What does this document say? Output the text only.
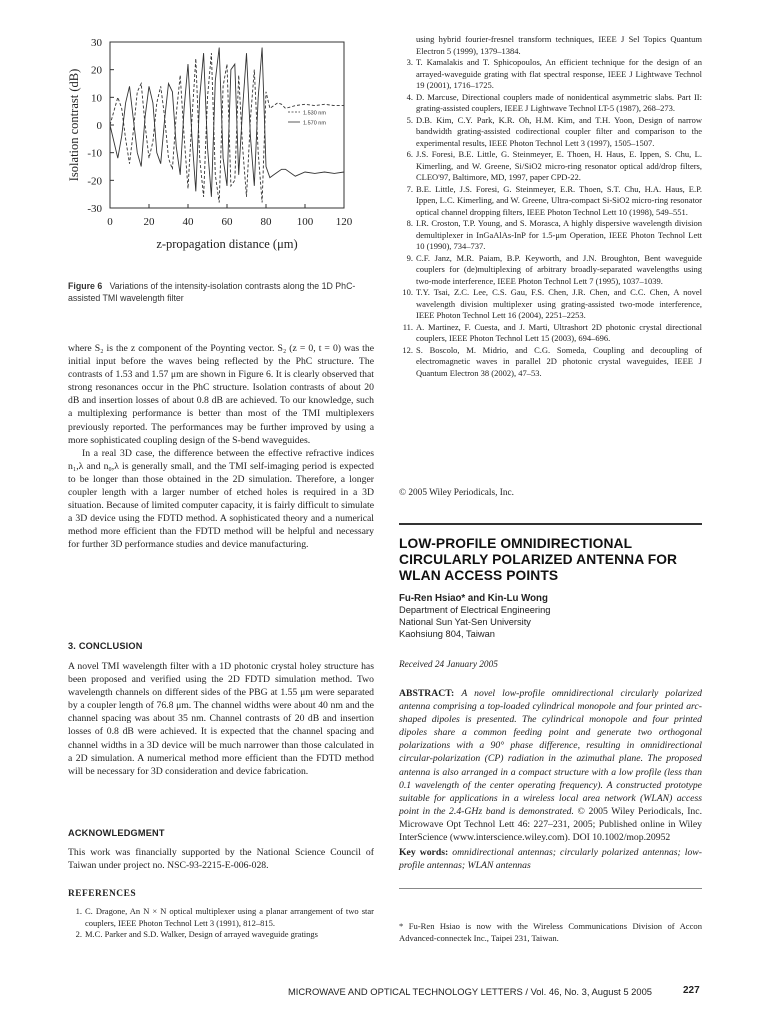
30
20
10
0
-10
-20
-30
0	20	40	60	80 100 120
1.530 nm
1.570 nm
z-propagation distance (μm)
Isolation contrast (dB)

Figure 6 Variations of the intensity-isolation contrasts along the 1D PhC-assisted TMI wavelength filter

where S₂ is the z component of the Poynting vector. S₂ (z = 0, t = 0) was the initial input before the waves being reflected by the PhC structure. The contrasts of 1.53 and 1.57 μm are shown in Figure 6. It is clearly observed that strong resonances occur in the PhC structure. Isolation contrasts of about 20 dB and insertion losses of about 0.8 dB are achieved. To our knowledge, such a multiplexing performance is better than most of the TMI multiplexers previously reported. The performances may be further improved by using a more sophisticated coupling design of the S-bend waveguides.

In a real 3D case, the difference between the effective refractive indices n₁,λ and n₀,λ is generally small, and the TMI self-imaging period is expected to be longer than those obtained in the 2D simulation. Therefore, a longer coupler length with a larger number of etched holes is required in a 3D situation. Because of limited computer capacity, it is fairly difficult to simulate a 3D device using the FDTD method. A sophisticated theory and a numerical method more efficient than the FDTD method will be helpful and necessary for further 3D performance studies and device manufacturing.

3. CONCLUSION

A novel TMI wavelength filter with a 1D photonic crystal holey structure has been proposed and verified using the 2D FDTD simulation method. Two wavelength channels on different sides of the PBG at 1.55 μm were separated by a coupler length of 76.8 μm. The channel widths were about 40 nm and the channel spacing was about 35 nm. Channel contrasts of 20 dB and insertion losses of 0.8 dB were achieved. It is expected that the channel spacing and channel widths in a 3D device will be much narrower than those calculated in a 2D simulation. A numerical method more efficient than the FDTD method will be necessary for 3D consideration and device fabrication.

ACKNOWLEDGMENT

This work was financially supported by the National Science Council of Taiwan under project no. NSC-93-2215-E-006-028.

REFERENCES
1. C. Dragone, An N × N optical multiplexer using a planar arrangement of two star couplers, IEEE Photon Technol Lett 3 (1991), 812–815.
2. M.C. Parker and S.D. Walker, Design of arrayed waveguide gratings
using hybrid fourier-fresnel transform techniques, IEEE J Sel Topics Quantum Electron 5 (1999), 1379–1384.
3. T. Kamalakis and T. Sphicopoulos, An efficient technique for the design of an arrayed-waveguide grating with flat spectral response, IEEE J Lightwave Technol 19 (2001), 1716–1725.
4. D. Marcuse, Directional couplers made of nonidentical asymmetric slabs. Part II: grating-assisted couplers, IEEE J Lightwave Technol LT-5 (1987), 268–273.
5. D.B. Kim, C.Y. Park, K.R. Oh, H.M. Kim, and T.H. Yoon, Design of narrow bandwidth grating-assisted codirectional coupler filter and comparison to the experimental results, IEEE Photon Technol Lett 3 (1997), 1505–1507.
6. J.S. Foresi, B.E. Little, G. Steinmeyer, E. Thoen, H. Haus, E. Ippen, S. Chu, L. Kimerling, and W. Greene, Si/SiO2 micro-ring resonator optical add/drop filters, CLEO'97, Baltimore, MD, 1997, paper CPD-22.
7. B.E. Little, J.S. Foresi, G. Steinmeyer, E.R. Thoen, S.T. Chu, H.A. Haus, E.P. Ippen, L.C. Kimerling, and W. Greene, Ultra-compact Si-SiO2 micro-ring resonator optical channel dropping filters, IEEE Photon Technol Lett 10 (1998), 549–551.
8. I.R. Croston, T.P. Young, and S. Morasca, A highly dispersive wavelength division demultiplexer in InGaAlAs-InP for 1.5-μm Operation, IEEE Photon Technol Lett 10 (1990), 734–737.
9. C.F. Janz, M.R. Paiam, B.P. Keyworth, and J.N. Broughton, Bent waveguide couplers for (de)multiplexing of arbitrary broadly-separated wavelengths using two-mode interference, IEEE Photon Technol Lett 7 (1995), 1037–1039.
10. T.Y. Tsai, Z.C. Lee, C.S. Gau, F.S. Chen, J.R. Chen, and C.C. Chen, A novel wavelength division multiplexer using grating-assisted two-mode interference, IEEE Photon Technol Lett 16 (2004), 2251–2253.
11. A. Martinez, F. Cuesta, and J. Marti, Ultrashort 2D photonic crystal directional couplers, IEEE Photon Technol Lett 15 (2003), 694–696.
12. S. Boscolo, M. Midrio, and C.G. Someda, Coupling and decoupling of electromagnetic waves in parallel 2D photonic crystal waveguides, IEEE J Quantum Electron 38 (2002), 47–53.
© 2005 Wiley Periodicals, Inc.
LOW-PROFILE OMNIDIRECTIONAL CIRCULARLY POLARIZED ANTENNA FOR WLAN ACCESS POINTS
Fu-Ren Hsiao* and Kin-Lu Wong
Department of Electrical Engineering
National Sun Yat-Sen University
Kaohsiung 804, Taiwan
Received 24 January 2005

ABSTRACT: A novel low-profile omnidirectional circularly polarized antenna comprising a top-loaded cylindrical monopole and four printed arc-shaped dipoles is presented. The cylindrical monopole and four printed dipoles share a common feeding point and generate two orthogonal polarizations with a 90° phase difference, resulting in omnidirectional circular-polarization (CP) radiation in the azimuthal plane. The proposed antenna is also arranged in a compact structure with a low profile (less than 0.1 wavelength of the center operating frequency). A constructed prototype suitable for applications in a wireless local area network (WLAN) access point in the 2.4-GHz band is demonstrated. © 2005 Wiley Periodicals, Inc. Microwave Opt Technol Lett 46: 227–231, 2005; Published online in Wiley InterScience (www.interscience.wiley.com). DOI 10.1002/mop.20952

Key words: omnidirectional antennas; circularly polarized antennas; low-profile antennas; WLAN antennas

* Fu-Ren Hsiao is now with the Wireless Communications Division of Accon Advanced-connectek Inc., Taipei 231, Taiwan.

MICROWAVE AND OPTICAL TECHNOLOGY LETTERS / Vol. 46, No. 3, August 5 2005	227
